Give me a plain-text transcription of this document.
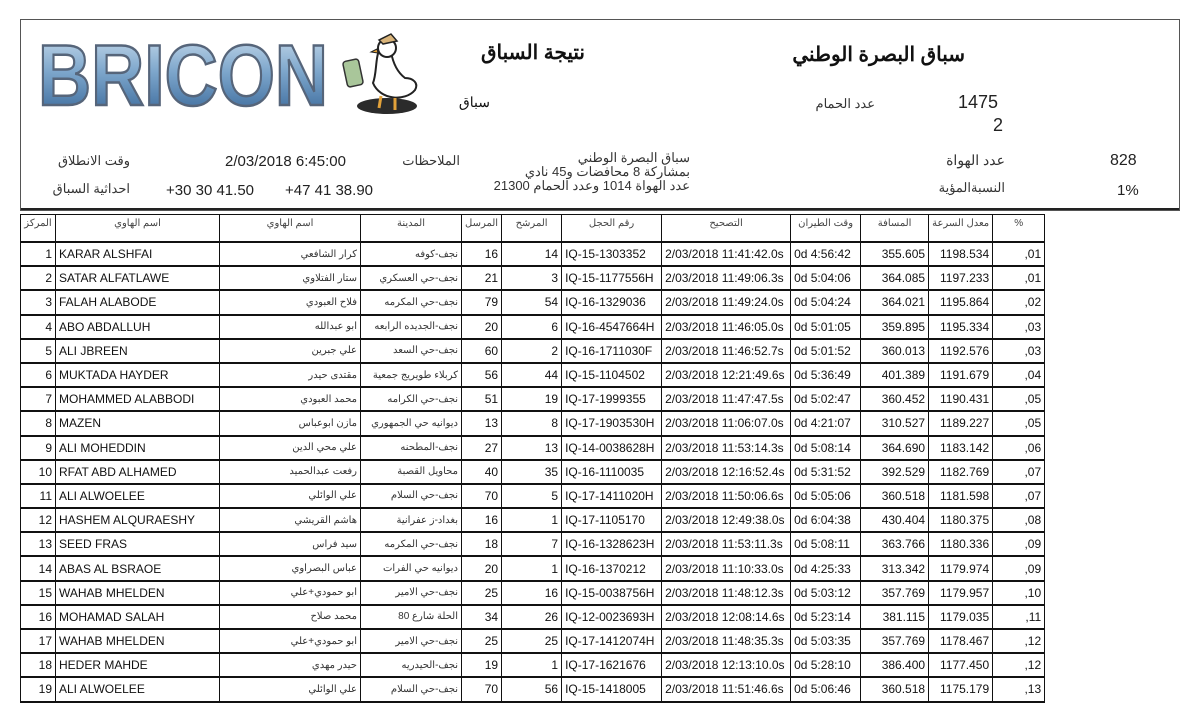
BRICON	نتيجة السباق	سباق البصرة الوطني
سباق	عدد الحمام	1475
2
وقت الانطلاق	2/03/2018 6:45:00	الملاحظات
احداثية السباق +30 30 41.50 +47 41 38.90
سباق البصرة الوطني
بمشاركة 8 محافضات و45 نادي
عدد الهواة 1014 وعدد الحمام 21300
عدد الهواة	828
النسبةالمؤية	1%
المركز	اسم الهاوي	اسم الهاوي	المدينة	المرسل	المرشح	رقم الحجل	التصحيح	وقت الطيران	المسافة	معدل السرعة	%
1	KARAR ALSHFAI	كرار الشافعي	نجف-كوفه	16	14	IQ-15-1303352	2/03/2018 11:41:42.0s	0d 4:56:42	355.605	1198.534	,01
2	SATAR ALFATLAWE	ستار الفتلاوي	نجف-حي العسكري	21	3	IQ-15-1177556H	2/03/2018 11:49:06.3s	0d 5:04:06	364.085	1197.233	,01
3	FALAH ALABODE	فلاح العبودي	نجف-حي المكرمه	79	54	IQ-16-1329036	2/03/2018 11:49:24.0s	0d 5:04:24	364.021	1195.864	,02
4	ABO ABDALLUH	ابو عبدالله	نجف-الجديده الرابعه	20	6	IQ-16-4547664H	2/03/2018 11:46:05.0s	0d 5:01:05	359.895	1195.334	,03
5	ALI JBREEN	علي جبرين	نجف-حي السعد	60	2	IQ-16-1711030F	2/03/2018 11:46:52.7s	0d 5:01:52	360.013	1192.576	,03
6	MUKTADA HAYDER	مقتدى حيدر	كربلاء طويريج جمعية	56	44	IQ-15-1104502	2/03/2018 12:21:49.6s	0d 5:36:49	401.389	1191.679	,04
7	MOHAMMED ALABBODI	محمد العبودي	نجف-حي الكرامه	51	19	IQ-17-1999355	2/03/2018 11:47:47.5s	0d 5:02:47	360.452	1190.431	,05
8	MAZEN	مازن ابوعباس	ديوانيه حي الجمهوري	13	8	IQ-17-1903530H	2/03/2018 11:06:07.0s	0d 4:21:07	310.527	1189.227	,05
9	ALI MOHEDDIN	علي محي الدين	نجف-المطحنه	27	13	IQ-14-0038628H	2/03/2018 11:53:14.3s	0d 5:08:14	364.690	1183.142	,06
10	RFAT ABD ALHAMED	رفعت عبدالحميد	محاويل القصبة	40	35	IQ-16-1110035	2/03/2018 12:16:52.4s	0d 5:31:52	392.529	1182.769	,07
11	ALI ALWOELEE	علي الوائلي	نجف-حي السلام	70	5	IQ-17-1411020H	2/03/2018 11:50:06.6s	0d 5:05:06	360.518	1181.598	,07
12	HASHEM ALQURAESHY	هاشم القريشي	بغداد-ز عفرانية	16	1	IQ-17-1105170	2/03/2018 12:49:38.0s	0d 6:04:38	430.404	1180.375	,08
13	SEED FRAS	سيد فراس	نجف-حي المكرمه	18	7	IQ-16-1328623H	2/03/2018 11:53:11.3s	0d 5:08:11	363.766	1180.336	,09
14	ABAS AL BSRAOE	عباس البصراوي	ديوانيه حي الفرات	20	1	IQ-16-1370212	2/03/2018 11:10:33.0s	0d 4:25:33	313.342	1179.974	,09
15	WAHAB MHELDEN	ابو حمودي+علي	نجف-حي الامير	25	16	IQ-15-0038756H	2/03/2018 11:48:12.3s	0d 5:03:12	357.769	1179.957	,10
16	MOHAMAD SALAH	محمد صلاح	الحلة شارع 80	34	26	IQ-12-0023693H	2/03/2018 12:08:14.6s	0d 5:23:14	381.115	1179.035	,11
17	WAHAB MHELDEN	ابو حمودي+علي	نجف-حي الامير	25	25	IQ-17-1412074H	2/03/2018 11:48:35.3s	0d 5:03:35	357.769	1178.467	,12
18	HEDER MAHDE	حيدر مهدي	نجف-الحيدريه	19	1	IQ-17-1621676	2/03/2018 12:13:10.0s	0d 5:28:10	386.400	1177.450	,12
19	ALI ALWOELEE	علي الوائلي	نجف-حي السلام	70	56	IQ-15-1418005	2/03/2018 11:51:46.6s	0d 5:06:46	360.518	1175.179	,13
